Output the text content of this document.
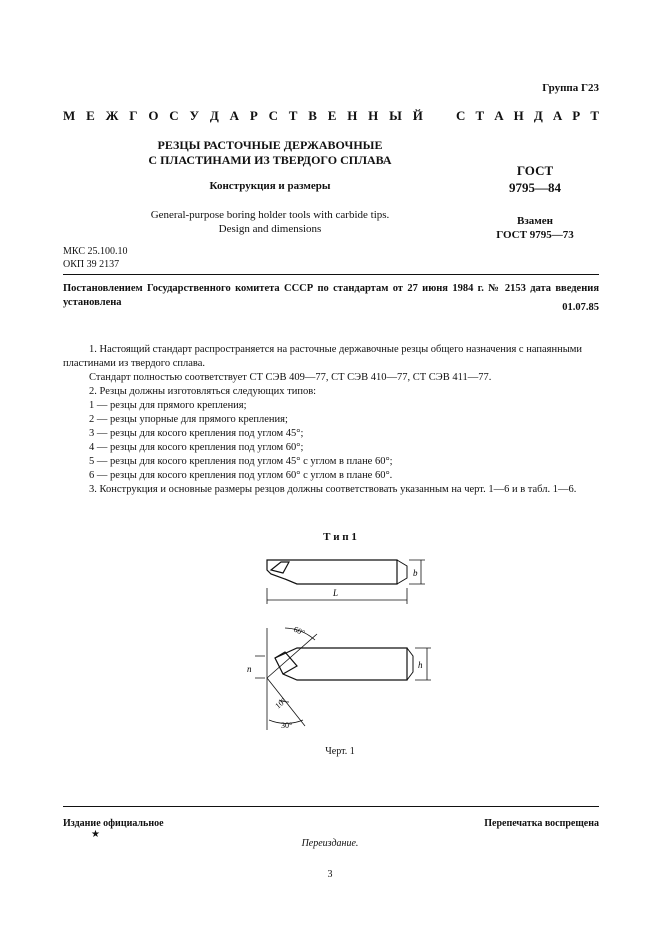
Группа Г23
М Е Ж Г О С У Д А Р С Т В Е Н Н Ы Й	С Т А Н Д А Р Т
РЕЗЦЫ РАСТОЧНЫЕ ДЕРЖАВОЧНЫЕ
С ПЛАСТИНАМИ ИЗ ТВЕРДОГО СПЛАВА
Конструкция и размеры
General-purpose boring holder tools with carbide tips.
Design and dimensions
ГОСТ
9795—84
Взамен
ГОСТ 9795—73
МКС 25.100.10
ОКП 39 2137
Постановлением Государственного комитета СССР по стандартам от 27 июня 1984 г. № 2153 дата введения установлена	01.07.85

1. Настоящий стандарт распространяется на расточные державочные резцы общего назначения с напаянными пластинами из твердого сплава.

Стандарт полностью соответствует СТ СЭВ 409—77, СТ СЭВ 410—77, СТ СЭВ 411—77.

2. Резцы должны изготовляться следующих типов:

1 — резцы для прямого крепления;

2 — резцы упорные для прямого крепления;

3 — резцы для косого крепления под углом 45°;

4 — резцы для косого крепления под углом 60°;

5 — резцы для косого крепления под углом 45° с углом в плане 60°;

6 — резцы для косого крепления под углом 60° с углом в плане 60°.

3. Конструкция и основные размеры резцов должны соответствовать указанным на черт. 1—6 и в табл. 1—6.

Т и п 1
b
L
60°
10°
30°
h
n
Черт. 1
Издание официальное
★
Перепечатка воспрещена
Переиздание.
3
